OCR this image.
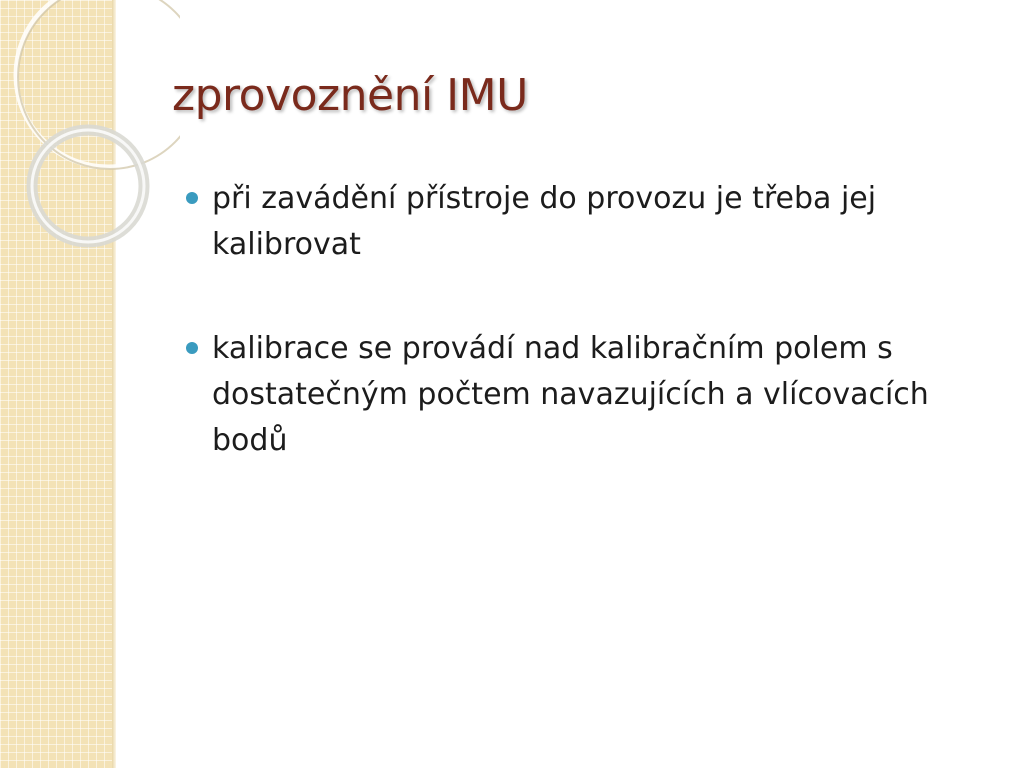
zprovoznění IMU
při zavádění přístroje do provozu je třeba jej kalibrovat
kalibrace se provádí nad kalibračním polem s dostatečným počtem navazujících a vlícovacích bodů
